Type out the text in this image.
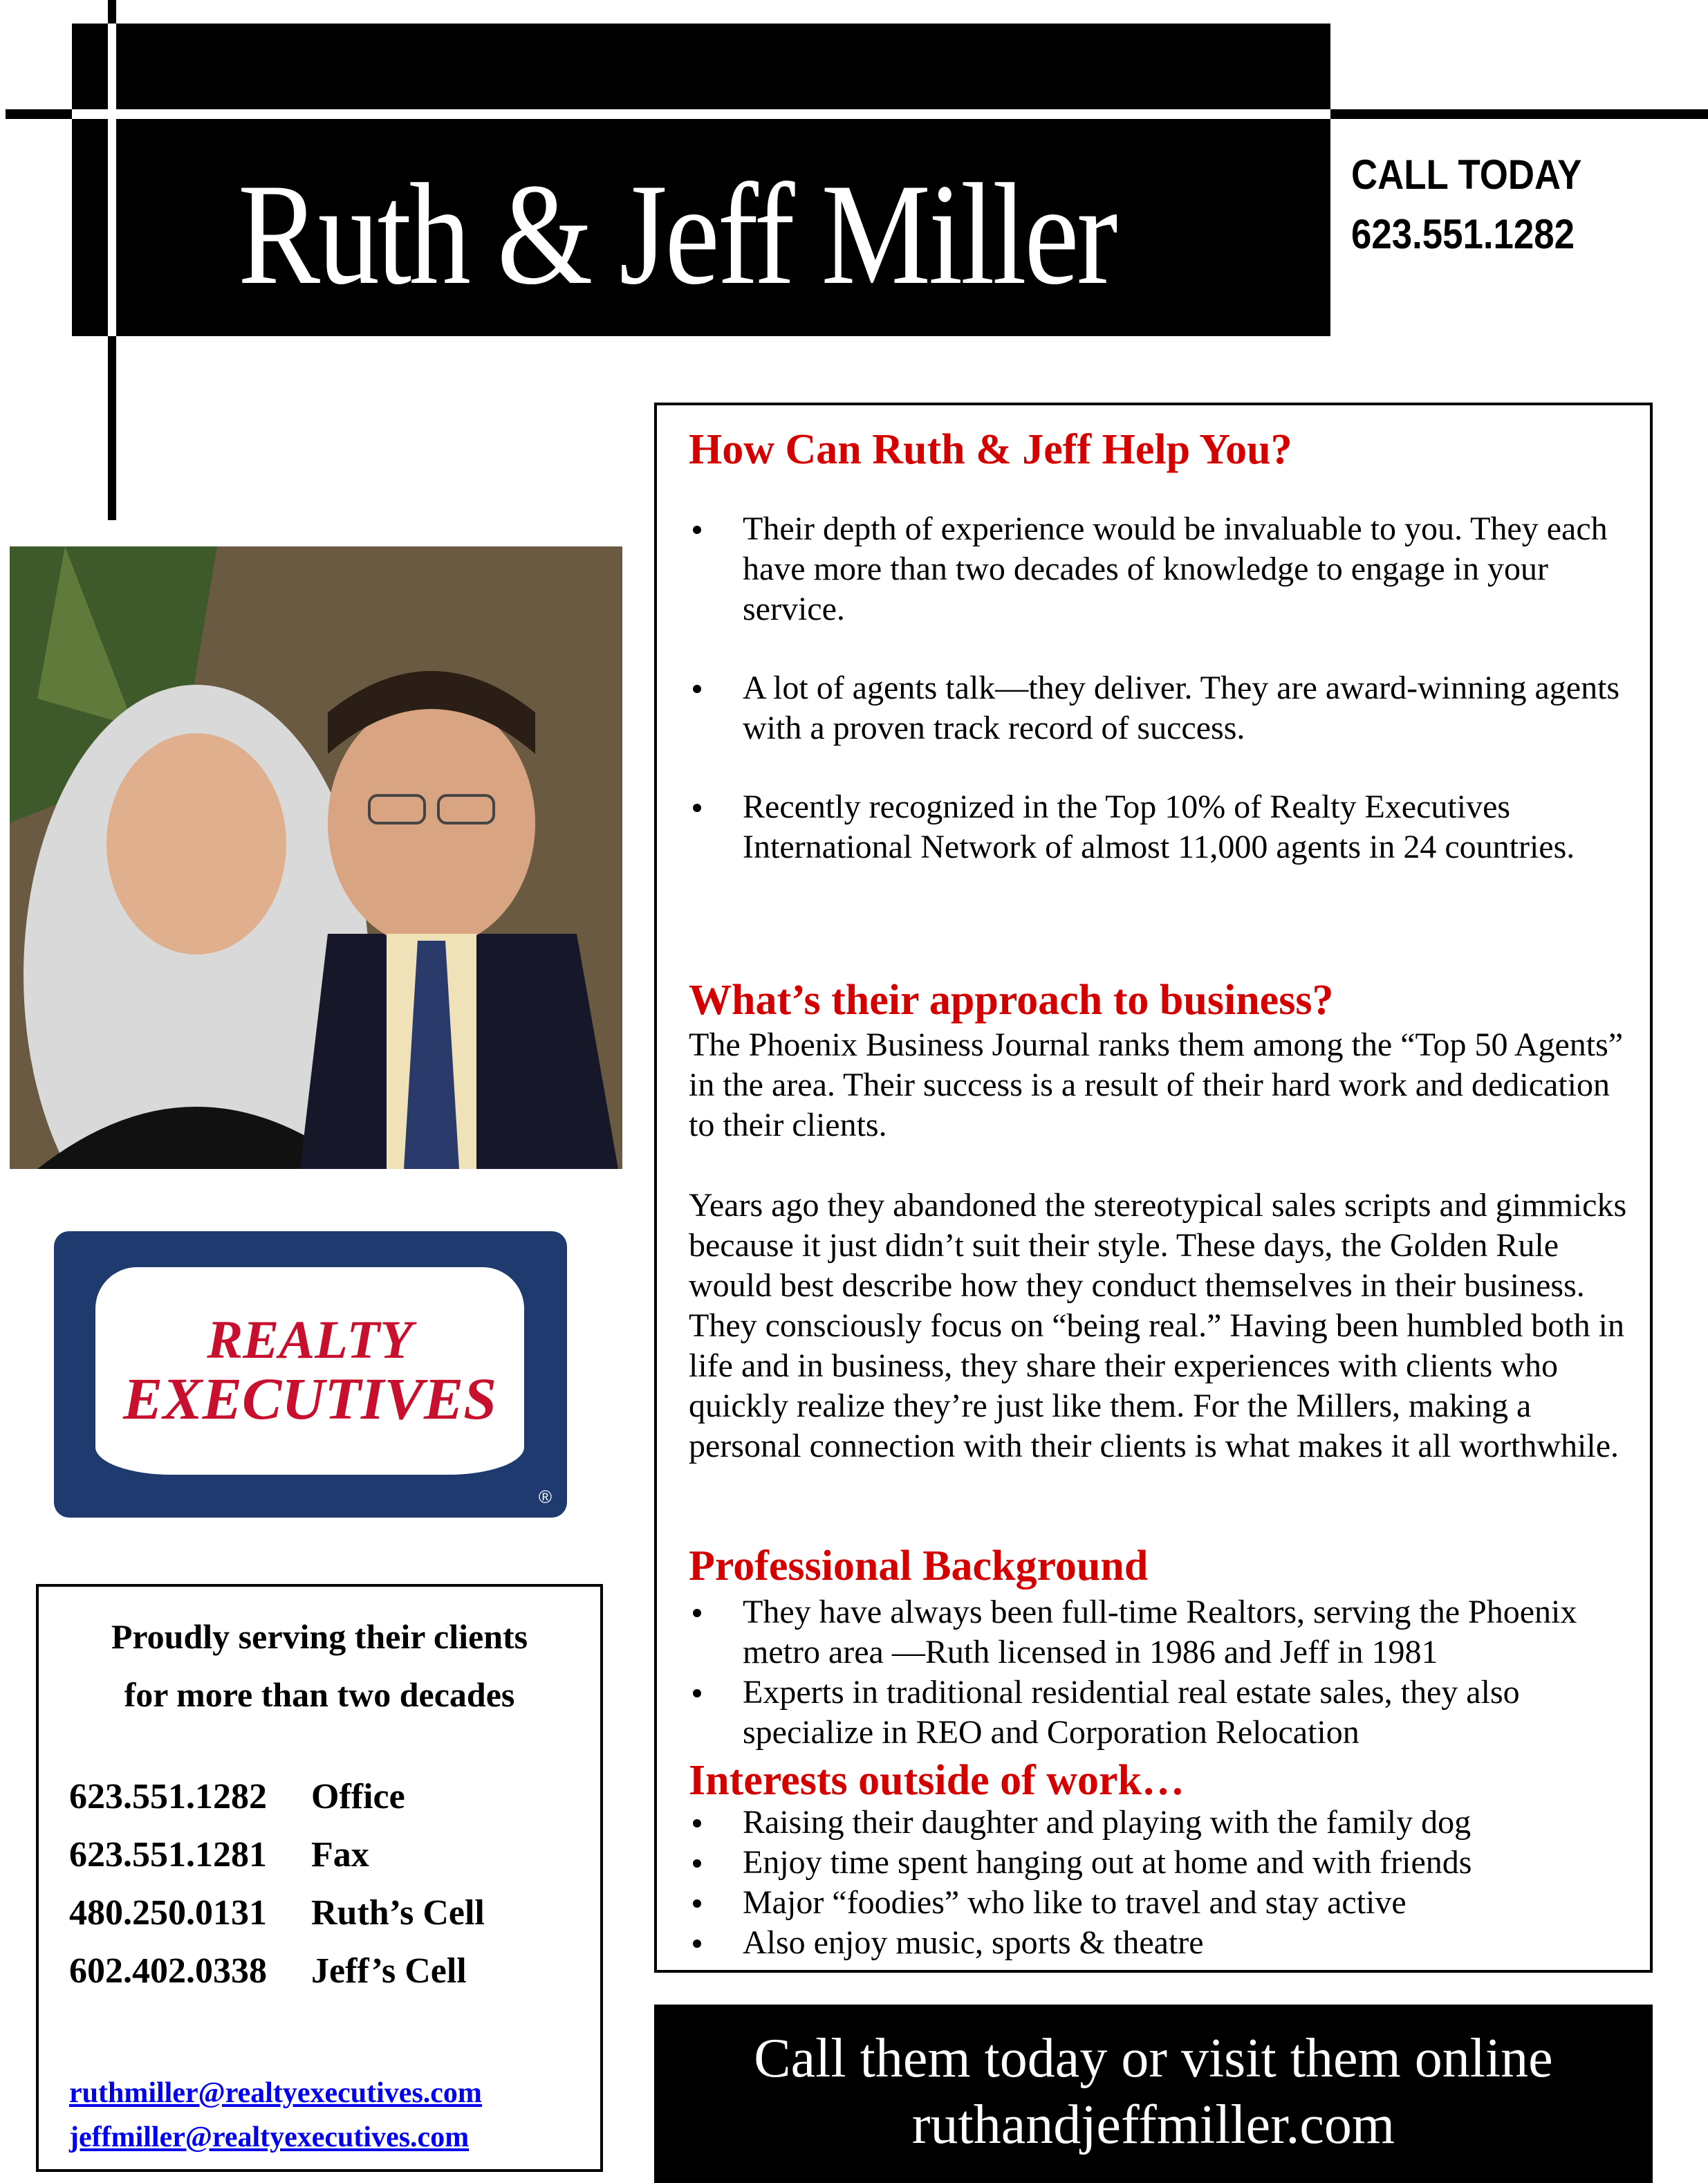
Ruth & Jeff Miller	CALL TODAY
623.551.1282
REALTY
EXECUTIVES
®
Proudly serving their clients
for more than two decades
623.551.1282 Office
623.551.1281 Fax
480.250.0131 Ruth’s Cell
602.402.0338 Jeff’s Cell
ruthmiller@realtyexecutives.com
jeffmiller@realtyexecutives.com
How Can Ruth & Jeff Help You?
Their depth of experience would be invaluable to you. They each have more than two decades of knowledge to engage in your service.
A lot of agents talk—they deliver. They are award-winning agents with a proven track record of success.
Recently recognized in the Top 10% of Realty Executives International Network of almost 11,000 agents in 24 countries.
What’s their approach to business?

The Phoenix Business Journal ranks them among the “Top 50 Agents” in the area. Their success is a result of their hard work and dedication to their clients.

Years ago they abandoned the stereotypical sales scripts and gimmicks because it just didn’t suit their style. These days, the Golden Rule would best describe how they conduct themselves in their business. They consciously focus on “being real.” Having been humbled both in life and in business, they share their experiences with clients who quickly realize they’re just like them. For the Millers, making a personal connection with their clients is what makes it all worthwhile.

Professional Background
They have always been full-time Realtors, serving the Phoenix metro area —Ruth licensed in 1986 and Jeff in 1981
Experts in traditional residential real estate sales, they also specialize in REO and Corporation Relocation
Interests outside of work…
Raising their daughter and playing with the family dog
Enjoy time spent hanging out at home and with friends
Major “foodies” who like to travel and stay active
Also enjoy music, sports & theatre
Call them today or visit them online
ruthandjeffmiller.com
